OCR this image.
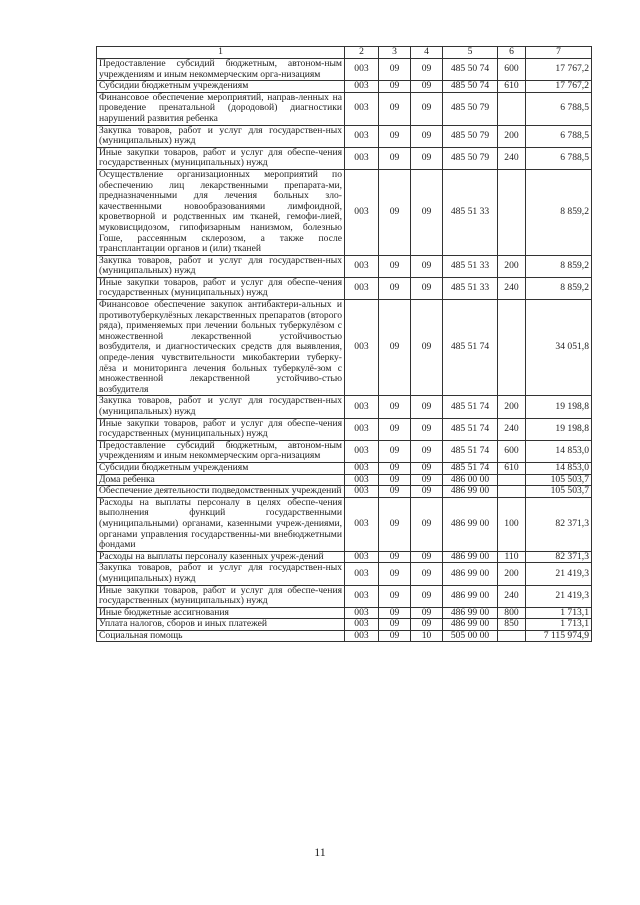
1	2	3	4	5	6	7
Предоставление субсидий бюджетным, автоном-ным учреждениям и иным некоммерческим орга-низациям	003	09	09	485 50 74	600	17 767,2
Субсидии бюджетным учреждениям	003	09	09	485 50 74	610	17 767,2
Финансовое обеспечение мероприятий, направ-ленных на проведение пренатальной (дородовой) диагностики нарушений развития ребенка	003	09	09	485 50 79		6 788,5
Закупка товаров, работ и услуг для государствен-ных (муниципальных) нужд	003	09	09	485 50 79	200	6 788,5
Иные закупки товаров, работ и услуг для обеспе-чения государственных (муниципальных) нужд	003	09	09	485 50 79	240	6 788,5
Осуществление организационных мероприятий по обеспечению лиц лекарственными препарата-ми, предназначенными для лечения больных зло-качественными новообразованиями лимфоидной, кроветворной и родственных им тканей, гемофи-лией, муковисцидозом, гипофизарным нанизмом, болезнью Гоше, рассеянным склерозом, а также после трансплантации органов и (или) тканей	003	09	09	485 51 33		8 859,2
Закупка товаров, работ и услуг для государствен-ных (муниципальных) нужд	003	09	09	485 51 33	200	8 859,2
Иные закупки товаров, работ и услуг для обеспе-чения государственных (муниципальных) нужд	003	09	09	485 51 33	240	8 859,2
Финансовое обеспечение закупок антибактери-альных и противотуберкулёзных лекарственных препаратов (второго ряда), применяемых при лечении больных туберкулёзом с множественной лекарственной устойчивостью возбудителя, и диагностических средств для выявления, опреде-ления чувствительности микобактерии туберку-лёза и мониторинга лечения больных туберкулё-зом с множественной лекарственной устойчиво-стью возбудителя	003	09	09	485 51 74		34 051,8
Закупка товаров, работ и услуг для государствен-ных (муниципальных) нужд	003	09	09	485 51 74	200	19 198,8
Иные закупки товаров, работ и услуг для обеспе-чения государственных (муниципальных) нужд	003	09	09	485 51 74	240	19 198,8
Предоставление субсидий бюджетным, автоном-ным учреждениям и иным некоммерческим орга-низациям	003	09	09	485 51 74	600	14 853,0
Субсидии бюджетным учреждениям	003	09	09	485 51 74	610	14 853,0
Дома ребенка	003	09	09	486 00 00		105 503,7
Обеспечение деятельности подведомственных учреждений	003	09	09	486 99 00		105 503,7
Расходы на выплаты персоналу в целях обеспе-чения выполнения функций государственными (муниципальными) органами, казенными учреж-дениями, органами управления государственны-ми внебюджетными фондами	003	09	09	486 99 00	100	82 371,3
Расходы на выплаты персоналу казенных учреж-дений	003	09	09	486 99 00	110	82 371,3
Закупка товаров, работ и услуг для государствен-ных (муниципальных) нужд	003	09	09	486 99 00	200	21 419,3
Иные закупки товаров, работ и услуг для обеспе-чения государственных (муниципальных) нужд	003	09	09	486 99 00	240	21 419,3
Иные бюджетные ассигнования	003	09	09	486 99 00	800	1 713,1
Уплата налогов, сборов и иных платежей	003	09	09	486 99 00	850	1 713,1
Социальная помощь	003	09	10	505 00 00		7 115 974,9
11
